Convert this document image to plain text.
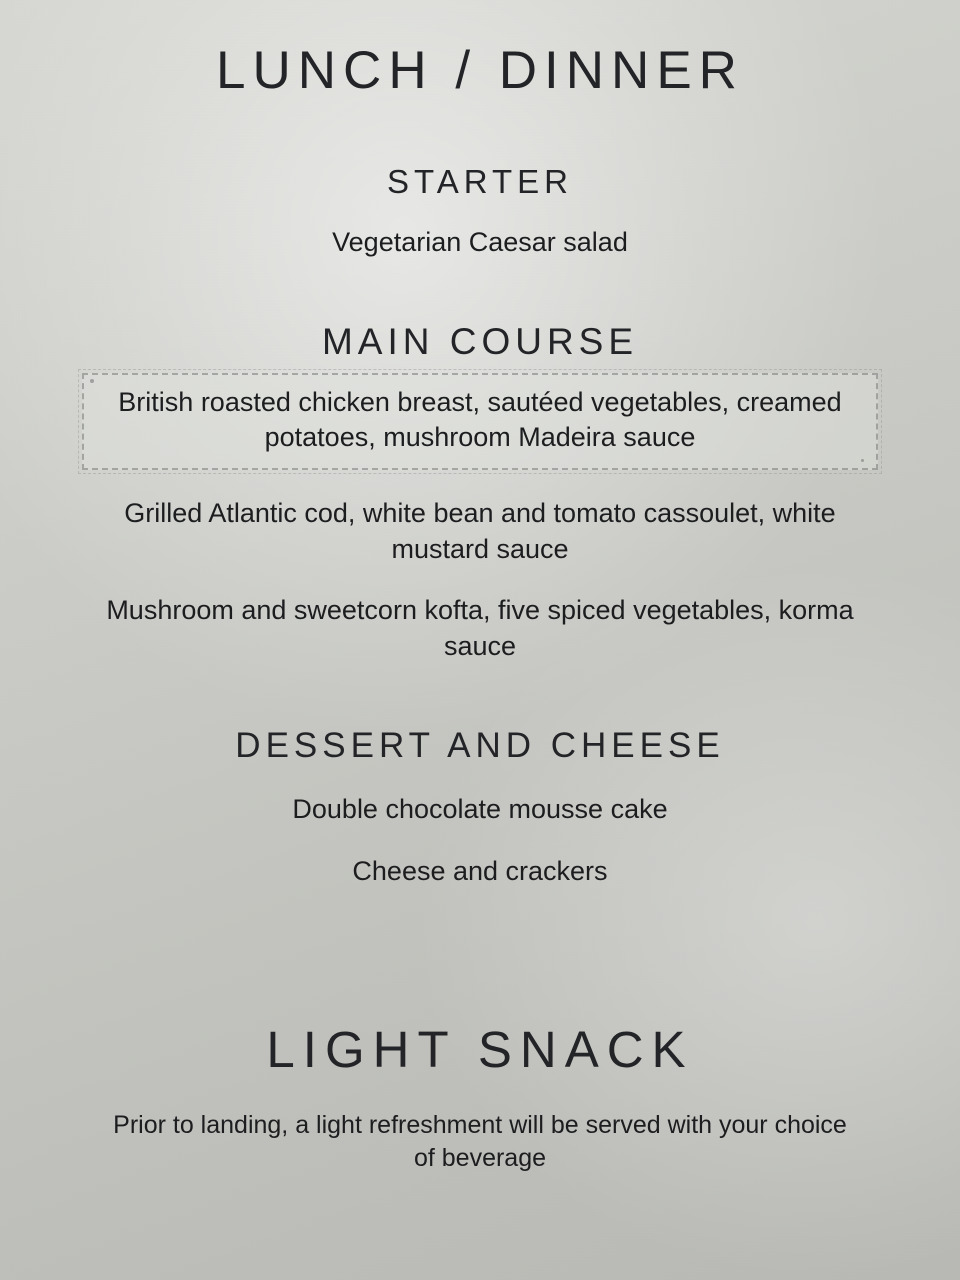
LUNCH / DINNER
STARTER

Vegetarian Caesar salad

MAIN COURSE

British roasted chicken breast, sautéed vegetables, creamed potatoes, mushroom Madeira sauce

Grilled Atlantic cod, white bean and tomato cassoulet, white mustard sauce

Mushroom and sweetcorn kofta, five spiced vegetables, korma sauce

DESSERT AND CHEESE

Double chocolate mousse cake

Cheese and crackers

LIGHT SNACK

Prior to landing, a light refreshment will be served with your choice of beverage
